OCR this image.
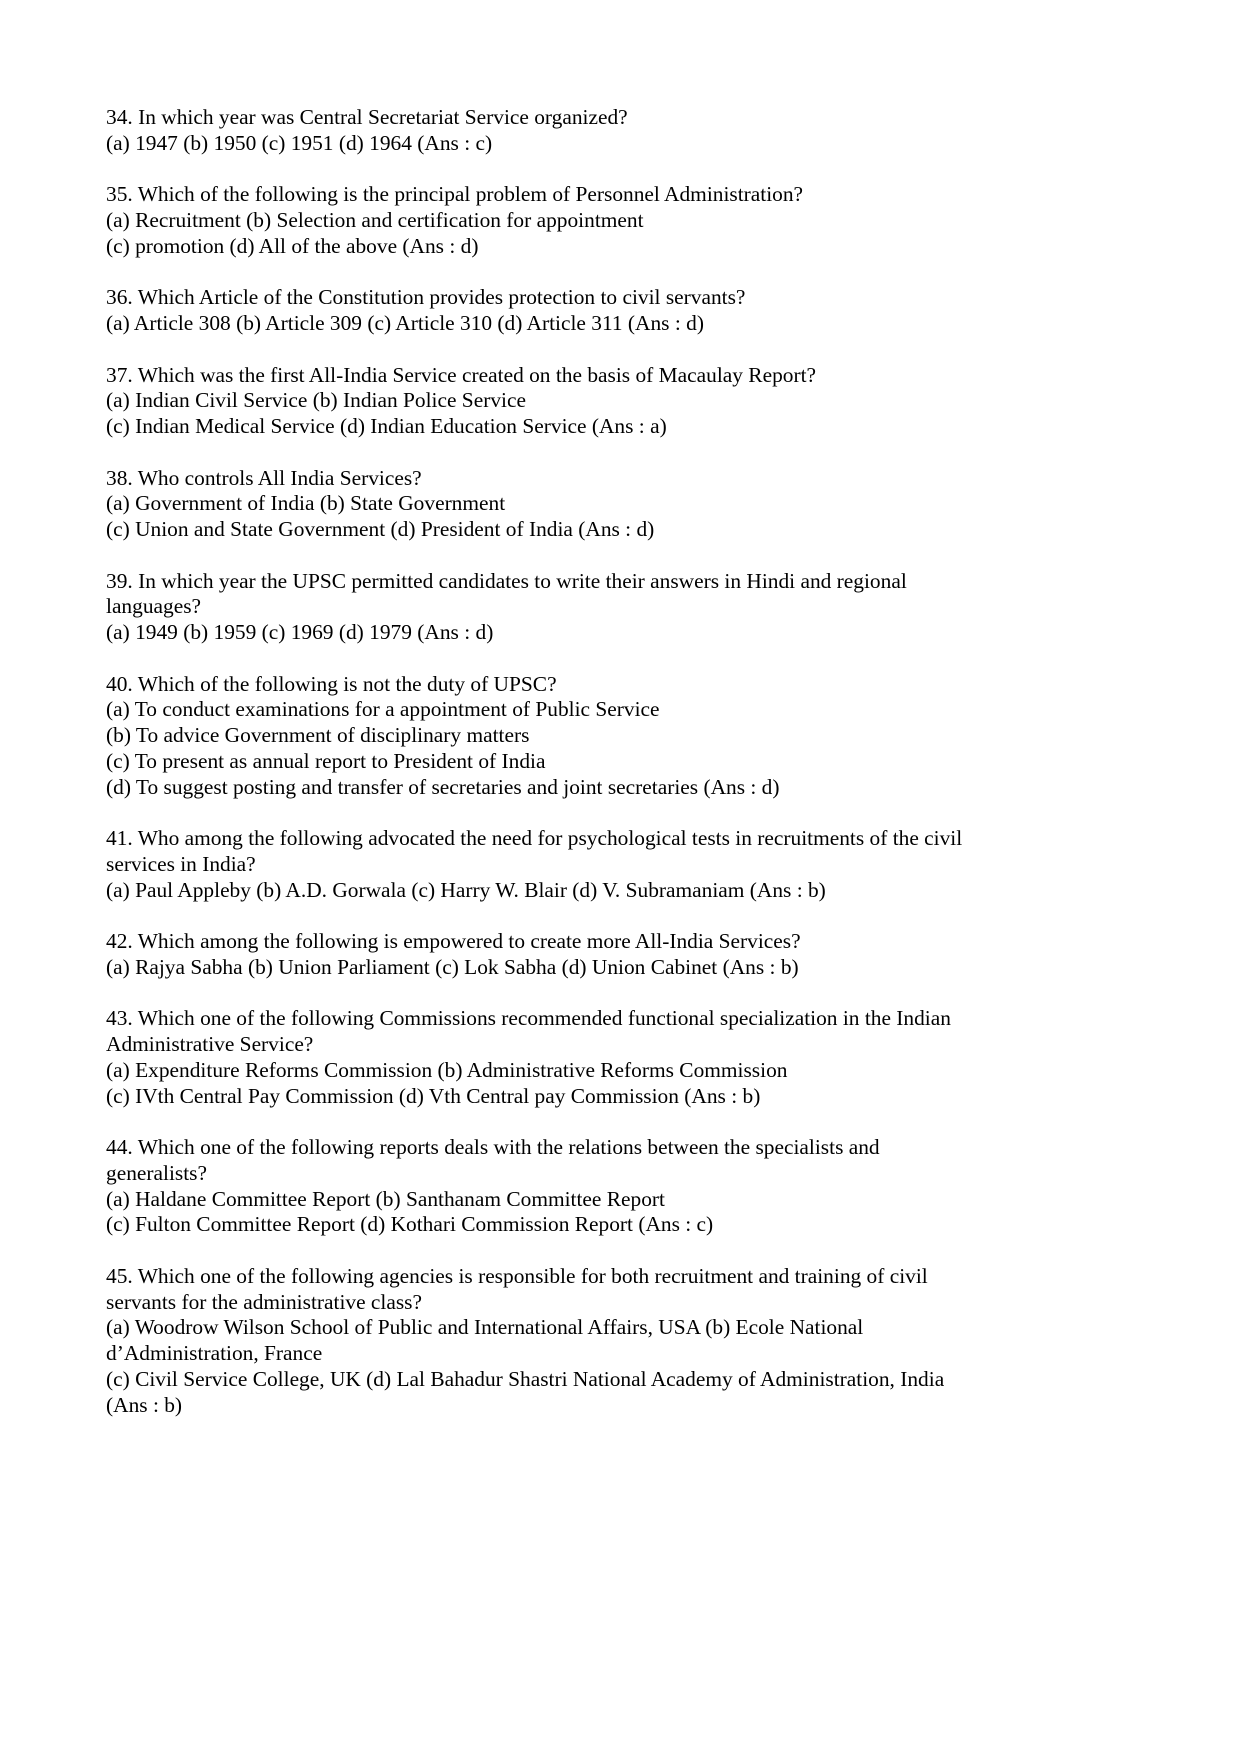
34. In which year was Central Secretariat Service organized?
(a) 1947 (b) 1950 (c) 1951 (d) 1964 (Ans : c)
35. Which of the following is the principal problem of Personnel Administration?
(a) Recruitment (b) Selection and certification for appointment
(c) promotion (d) All of the above (Ans : d)
36. Which Article of the Constitution provides protection to civil servants?
(a) Article 308 (b) Article 309 (c) Article 310 (d) Article 311 (Ans : d)
37. Which was the first All-India Service created on the basis of Macaulay Report?
(a) Indian Civil Service (b) Indian Police Service
(c) Indian Medical Service (d) Indian Education Service (Ans : a)
38. Who controls All India Services?
(a) Government of India (b) State Government
(c) Union and State Government (d) President of India (Ans : d)
39. In which year the UPSC permitted candidates to write their answers in Hindi and regional
languages?
(a) 1949 (b) 1959 (c) 1969 (d) 1979 (Ans : d)
40. Which of the following is not the duty of UPSC?
(a) To conduct examinations for a appointment of Public Service
(b) To advice Government of disciplinary matters
(c) To present as annual report to President of India
(d) To suggest posting and transfer of secretaries and joint secretaries (Ans : d)
41. Who among the following advocated the need for psychological tests in recruitments of the civil
services in India?
(a) Paul Appleby (b) A.D. Gorwala (c) Harry W. Blair (d) V. Subramaniam (Ans : b)
42. Which among the following is empowered to create more All-India Services?
(a) Rajya Sabha (b) Union Parliament (c) Lok Sabha (d) Union Cabinet (Ans : b)
43. Which one of the following Commissions recommended functional specialization in the Indian
Administrative Service?
(a) Expenditure Reforms Commission (b) Administrative Reforms Commission
(c) IVth Central Pay Commission (d) Vth Central pay Commission (Ans : b)
44. Which one of the following reports deals with the relations between the specialists and
generalists?
(a) Haldane Committee Report (b) Santhanam Committee Report
(c) Fulton Committee Report (d) Kothari Commission Report (Ans : c)
45. Which one of the following agencies is responsible for both recruitment and training of civil
servants for the administrative class?
(a) Woodrow Wilson School of Public and International Affairs, USA (b) Ecole National
d’Administration, France
(c) Civil Service College, UK (d) Lal Bahadur Shastri National Academy of Administration, India
(Ans : b)
